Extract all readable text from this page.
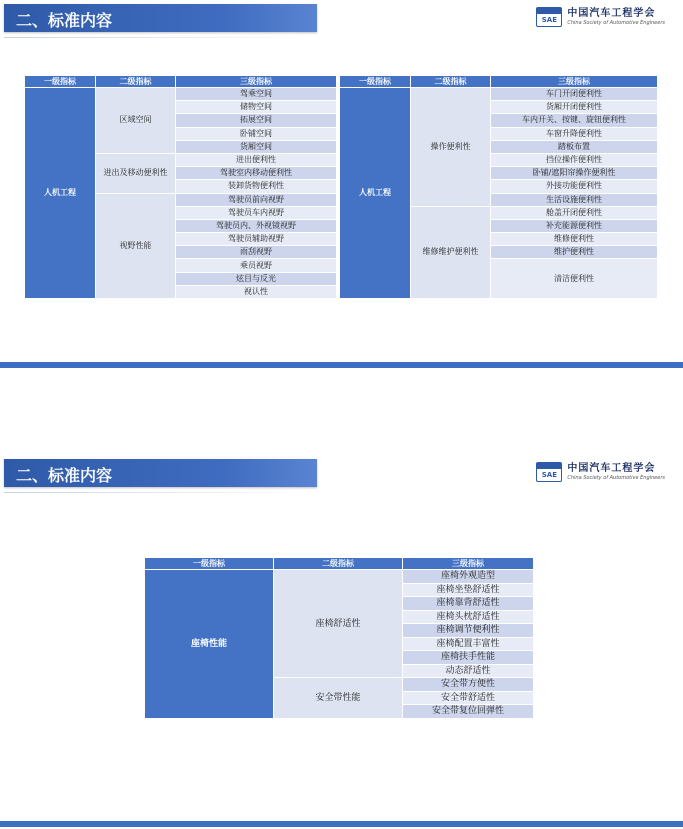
二、标准内容	SAE
中国汽车工程学会
China Society of Automotive Engineers
一级指标	二级指标	三级指标		一级指标	二级指标	三级指标
人机工程	区域空间	驾乘空间		人机工程	操作便利性	车门开闭便利性
		储物空间				货厢开闭便利性
		拓展空间				车内开关、按键、旋钮便利性
		卧铺空间				车窗升降便利性
		货厢空间				踏板布置
	进出及移动便利性	进出便利性				挡位操作便利性
		驾驶室内移动便利性				卧铺/遮阳帘操作便利性
		装卸货物便利性				外接功能便利性
	视野性能	驾驶员前向视野				生活设施便利性
		驾驶员车内视野			维修维护便利性	舱盖开闭便利性
		驾驶员内、外视镜视野				补充能源便利性
		驾驶员辅助视野				维修便利性
		雨刮视野				维护便利性
		乘员视野				清洁便利性
		炫目与反光				
		视认性				
二、标准内容	SAE
中国汽车工程学会
China Society of Automotive Engineers
一级指标	二级指标	三级指标
座椅性能	座椅舒适性	座椅外观造型
		座椅坐垫舒适性
		座椅靠背舒适性
		座椅头枕舒适性
		座椅调节便利性
		座椅配置丰富性
		座椅扶手性能
		动态舒适性
	安全带性能	安全带方便性
		安全带舒适性
		安全带复位回弹性
